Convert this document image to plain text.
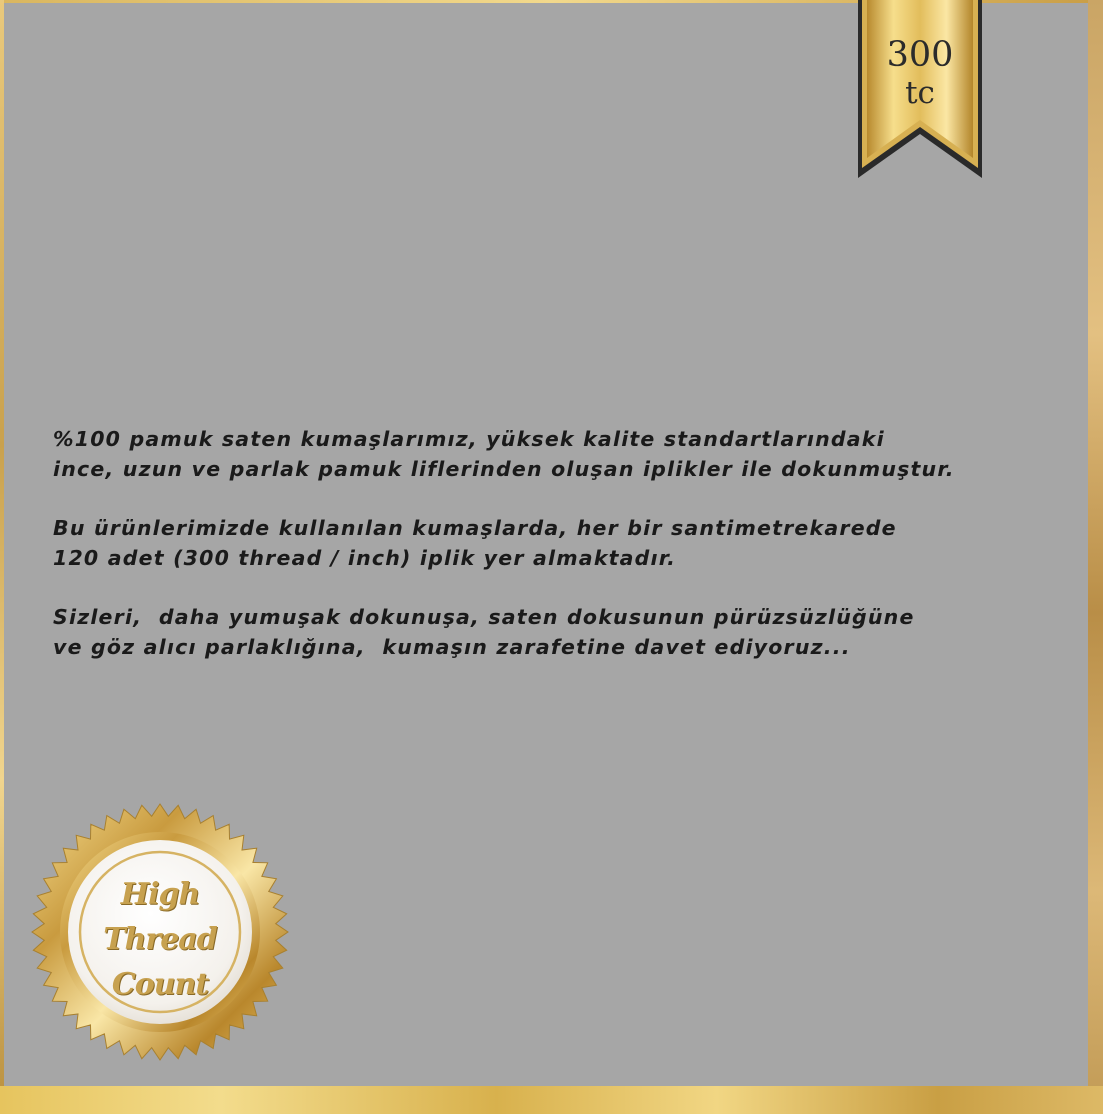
300
tc

%100 pamuk saten kumaşlarımız, yüksek kalite standartlarındaki
ince, uzun ve parlak pamuk liflerinden oluşan iplikler ile dokunmuştur.

Bu ürünlerimizde kullanılan kumaşlarda, her bir santimetrekarede
120 adet (300 thread / inch) iplik yer almaktadır.

Sizleri,  daha yumuşak dokunuşa, saten dokusunun pürüzsüzlüğüne
ve göz alıcı parlaklığına,  kumaşın zarafetine davet ediyoruz...

High
Thread
Count
